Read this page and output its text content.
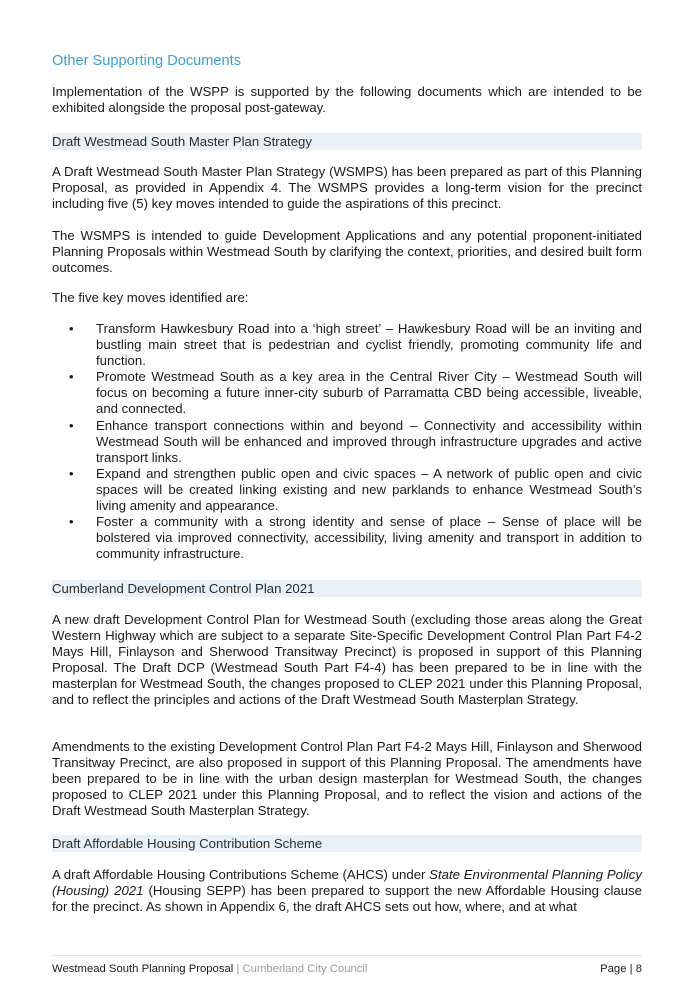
Other Supporting Documents

Implementation of the WSPP is supported by the following documents which are intended to be exhibited alongside the proposal post-gateway.

Draft Westmead South Master Plan Strategy

A Draft Westmead South Master Plan Strategy (WSMPS) has been prepared as part of this Planning Proposal, as provided in Appendix 4. The WSMPS provides a long-term vision for the precinct including five (5) key moves intended to guide the aspirations of this precinct.

The WSMPS is intended to guide Development Applications and any potential proponent-initiated Planning Proposals within Westmead South by clarifying the context, priorities, and desired built form outcomes.

The five key moves identified are:

• Transform Hawkesbury Road into a ‘high street’ – Hawkesbury Road will be an inviting and bustling main street that is pedestrian and cyclist friendly, promoting community life and function.
• Promote Westmead South as a key area in the Central River City – Westmead South will focus on becoming a future inner-city suburb of Parramatta CBD being accessible, liveable, and connected.
• Enhance transport connections within and beyond – Connectivity and accessibility within Westmead South will be enhanced and improved through infrastructure upgrades and active transport links.
• Expand and strengthen public open and civic spaces – A network of public open and civic spaces will be created linking existing and new parklands to enhance Westmead South’s living amenity and appearance.
• Foster a community with a strong identity and sense of place – Sense of place will be bolstered via improved connectivity, accessibility, living amenity and transport in addition to community infrastructure.
Cumberland Development Control Plan 2021

A new draft Development Control Plan for Westmead South (excluding those areas along the Great Western Highway which are subject to a separate Site-Specific Development Control Plan Part F4-2 Mays Hill, Finlayson and Sherwood Transitway Precinct) is proposed in support of this Planning Proposal. The Draft DCP (Westmead South Part F4-4) has been prepared to be in line with the masterplan for Westmead South, the changes proposed to CLEP 2021 under this Planning Proposal, and to reflect the principles and actions of the Draft Westmead South Masterplan Strategy.

Amendments to the existing Development Control Plan Part F4-2 Mays Hill, Finlayson and Sherwood Transitway Precinct, are also proposed in support of this Planning Proposal. The amendments have been prepared to be in line with the urban design masterplan for Westmead South, the changes proposed to CLEP 2021 under this Planning Proposal, and to reflect the vision and actions of the Draft Westmead South Masterplan Strategy.

Draft Affordable Housing Contribution Scheme

A draft Affordable Housing Contributions Scheme (AHCS) under State Environmental Planning Policy (Housing) 2021 (Housing SEPP) has been prepared to support the new Affordable Housing clause for the precinct. As shown in Appendix 6, the draft AHCS sets out how, where, and at what

Westmead South Planning Proposal | Cumberland City Council	Page | 8
